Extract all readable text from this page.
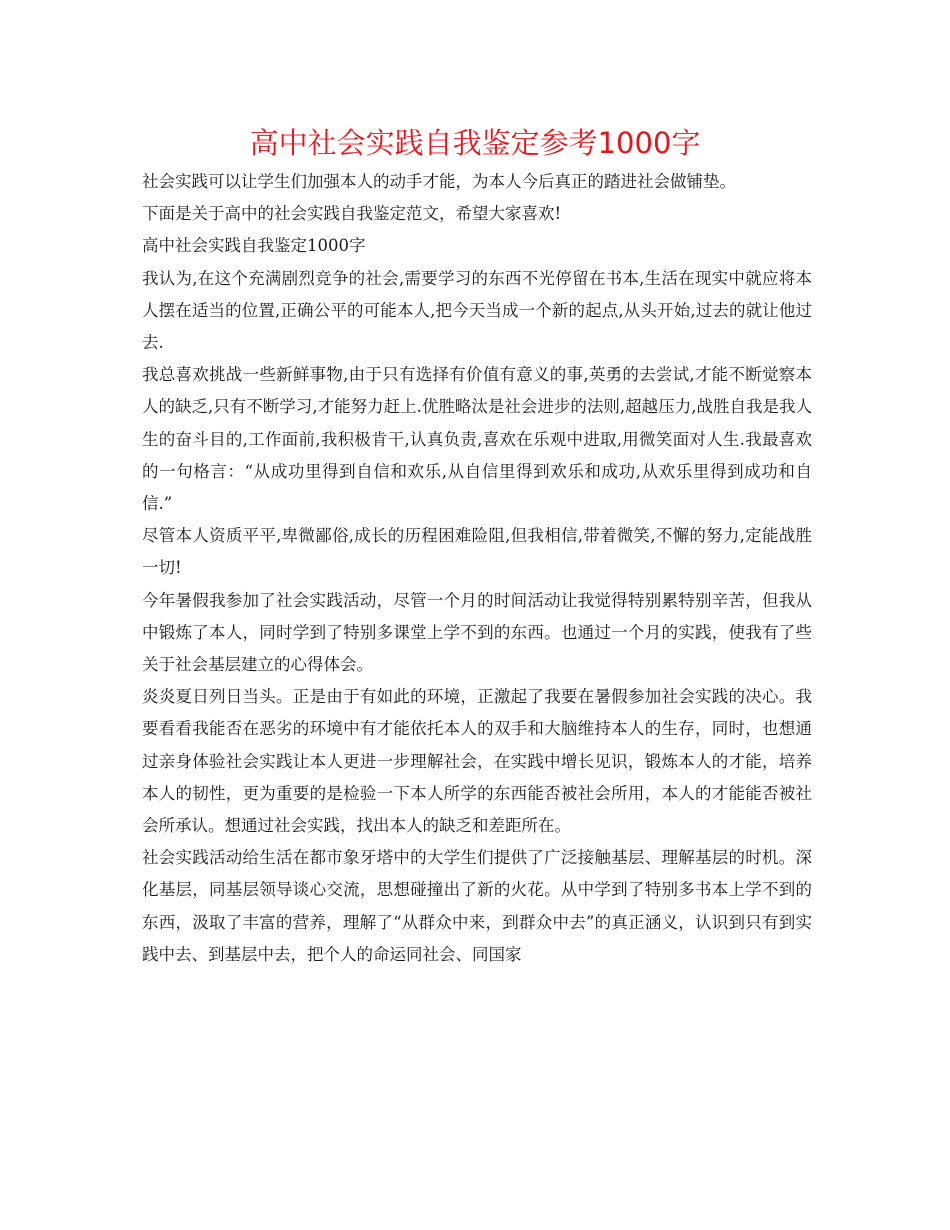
高中社会实践自我鉴定参考1000字

社会实践可以让学生们加强本人的动手才能，为本人今后真正的踏进社会做铺垫。

下面是关于高中的社会实践自我鉴定范文，希望大家喜欢!

高中社会实践自我鉴定1000字

我认为,在这个充满剧烈竞争的社会,需要学习的东西不光停留在书本,生活在现实中就应将本人摆在适当的位置,正确公平的可能本人,把今天当成一个新的起点,从头开始,过去的就让他过去.

我总喜欢挑战一些新鲜事物,由于只有选择有价值有意义的事,英勇的去尝试,才能不断觉察本人的缺乏,只有不断学习,才能努力赶上.优胜略汰是社会进步的法则,超越压力,战胜自我是我人生的奋斗目的,工作面前,我积极肯干,认真负责,喜欢在乐观中进取,用微笑面对人生.我最喜欢的一句格言：“从成功里得到自信和欢乐,从自信里得到欢乐和成功,从欢乐里得到成功和自信.”

尽管本人资质平平,卑微鄙俗,成长的历程困难险阻,但我相信,带着微笑,不懈的努力,定能战胜一切!

今年暑假我参加了社会实践活动，尽管一个月的时间活动让我觉得特别累特别辛苦，但我从中锻炼了本人，同时学到了特别多课堂上学不到的东西。也通过一个月的实践，使我有了些关于社会基层建立的心得体会。

炎炎夏日列日当头。正是由于有如此的环境，正激起了我要在暑假参加社会实践的决心。我要看看我能否在恶劣的环境中有才能依托本人的双手和大脑维持本人的生存，同时，也想通过亲身体验社会实践让本人更进一步理解社会，在实践中增长见识，锻炼本人的才能，培养本人的韧性，更为重要的是检验一下本人所学的东西能否被社会所用，本人的才能能否被社会所承认。想通过社会实践，找出本人的缺乏和差距所在。

社会实践活动给生活在都市象牙塔中的大学生们提供了广泛接触基层、理解基层的时机。深化基层，同基层领导谈心交流，思想碰撞出了新的火花。从中学到了特别多书本上学不到的东西，汲取了丰富的营养，理解了“从群众中来，到群众中去”的真正涵义，认识到只有到实践中去、到基层中去，把个人的命运同社会、同国家
